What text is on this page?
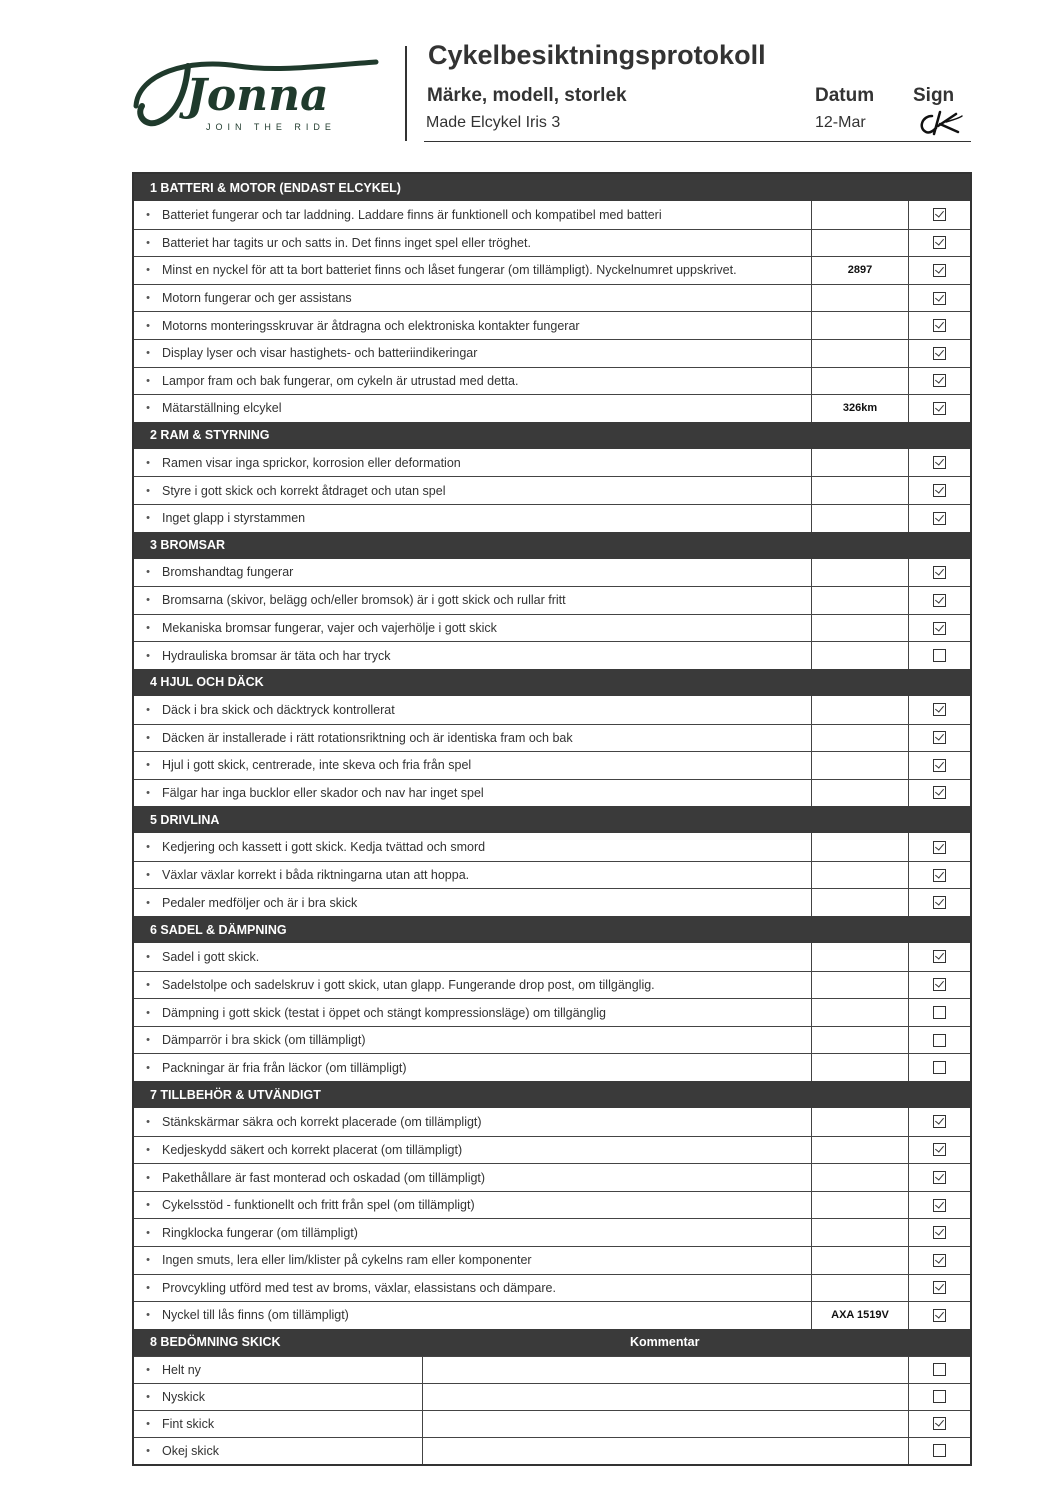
Jonna
JOIN THE RIDE
Cykelbesiktningsprotokoll
Märke, modell, storlek	Datum Sign
Made Elcykel Iris 3	12-Mar
1 BATTERI & MOTOR (ENDAST ELCYKEL)
• Batteriet fungerar och tar laddning. Laddare finns är funktionell och kompatibel med batteri
• Batteriet har tagits ur och satts in. Det finns inget spel eller tröghet.
• Minst en nyckel för att ta bort batteriet finns och låset fungerar (om tillämpligt). Nyckelnumret uppskrivet.	2897
• Motorn fungerar och ger assistans
• Motorns monteringsskruvar är åtdragna och elektroniska kontakter fungerar
• Display lyser och visar hastighets- och batteriindikeringar
• Lampor fram och bak fungerar, om cykeln är utrustad med detta.
• Mätarställning elcykel	326km
2 RAM & STYRNING
• Ramen visar inga sprickor, korrosion eller deformation
• Styre i gott skick och korrekt åtdraget och utan spel
• Inget glapp i styrstammen
3 BROMSAR
• Bromshandtag fungerar
• Bromsarna (skivor, belägg och/eller bromsok) är i gott skick och rullar fritt
• Mekaniska bromsar fungerar, vajer och vajerhölje i gott skick
• Hydrauliska bromsar är täta och har tryck
4 HJUL OCH DÄCK
• Däck i bra skick och däcktryck kontrollerat
• Däcken är installerade i rätt rotationsriktning och är identiska fram och bak
• Hjul i gott skick, centrerade, inte skeva och fria från spel
• Fälgar har inga bucklor eller skador och nav har inget spel
5 DRIVLINA
• Kedjering och kassett i gott skick. Kedja tvättad och smord
• Växlar växlar korrekt i båda riktningarna utan att hoppa.
• Pedaler medföljer och är i bra skick
6 SADEL & DÄMPNING
• Sadel i gott skick.
• Sadelstolpe och sadelskruv i gott skick, utan glapp. Fungerande drop post, om tillgänglig.
• Dämpning i gott skick (testat i öppet och stängt kompressionsläge) om tillgänglig
• Dämparrör i bra skick (om tillämpligt)
• Packningar är fria från läckor (om tillämpligt)
7 TILLBEHÖR & UTVÄNDIGT
• Stänkskärmar säkra och korrekt placerade (om tillämpligt)
• Kedjeskydd säkert och korrekt placerat (om tillämpligt)
• Pakethållare är fast monterad och oskadad (om tillämpligt)
• Cykelsstöd - funktionellt och fritt från spel (om tillämpligt)
• Ringklocka fungerar (om tillämpligt)
• Ingen smuts, lera eller lim/klister på cykelns ram eller komponenter
• Provcykling utförd med test av broms, växlar, elassistans och dämpare.
• Nyckel till lås finns (om tillämpligt)	AXA 1519V
8 BEDÖMNING SKICK	Kommentar
• Helt ny
• Nyskick
• Fint skick
• Okej skick
